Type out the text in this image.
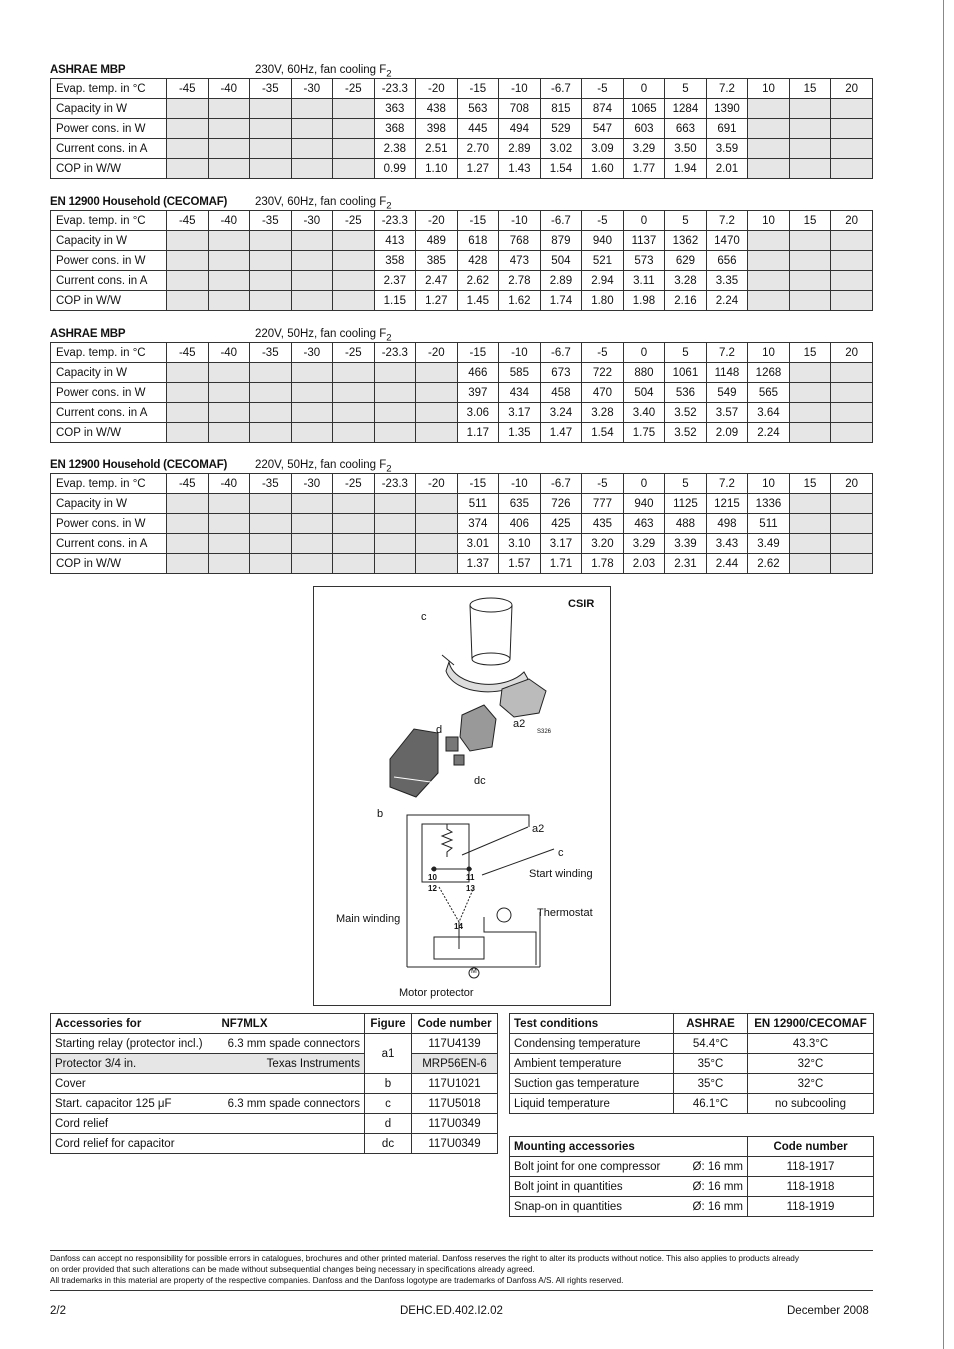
ASHRAE MBP	230V, 60Hz, fan cooling $F_2$
Evap. temp. in °C	-45	-40	-35	-30	-25	-23.3	-20	-15	-10	-6.7	-5	0	5	7.2	10	15	20
Capacity in W						363	438	563	708	815	874	1065	1284	1390			
Power cons. in W						368	398	445	494	529	547	603	663	691			
Current cons. in A						2.38	2.51	2.70	2.89	3.02	3.09	3.29	3.50	3.59			
COP in W/W						0.99	1.10	1.27	1.43	1.54	1.60	1.77	1.94	2.01			
EN 12900 Household (CECOMAF) 230V, 60Hz, fan cooling $F_2$
Evap. temp. in °C	-45	-40	-35	-30	-25	-23.3	-20	-15	-10	-6.7	-5	0	5	7.2	10	15	20
Capacity in W						413	489	618	768	879	940	1137	1362	1470			
Power cons. in W						358	385	428	473	504	521	573	629	656			
Current cons. in A						2.37	2.47	2.62	2.78	2.89	2.94	3.11	3.28	3.35			
COP in W/W						1.15	1.27	1.45	1.62	1.74	1.80	1.98	2.16	2.24			
ASHRAE MBP	220V, 50Hz, fan cooling $F_2$
Evap. temp. in °C	-45	-40	-35	-30	-25	-23.3	-20	-15	-10	-6.7	-5	0	5	7.2	10	15	20
Capacity in W								466	585	673	722	880	1061	1148	1268		
Power cons. in W								397	434	458	470	504	536	549	565		
Current cons. in A								3.06	3.17	3.24	3.28	3.40	3.52	3.57	3.64		
COP in W/W								1.17	1.35	1.47	1.54	1.75	3.52	2.09	2.24		
EN 12900 Household (CECOMAF) 220V, 50Hz, fan cooling $F_2$
Evap. temp. in °C	-45	-40	-35	-30	-25	-23.3	-20	-15	-10	-6.7	-5	0	5	7.2	10	15	20
Capacity in W								511	635	726	777	940	1125	1215	1336		
Power cons. in W								374	406	425	435	463	488	498	511		
Current cons. in A								3.01	3.10	3.17	3.20	3.29	3.39	3.43	3.49		
COP in W/W								1.37	1.57	1.71	1.78	2.03	2.31	2.44	2.62		
CSIR
c
a2
S326
d
dc
b
a2
c
Start winding
Thermostat
Main winding
Motor protector
10	11
12	13
14
M
Accessories for	NF7MLX	Figure	Code number
Starting relay (protector incl.)	6.3 mm spade connectors	a1	117U4139
Protector 3/4 in.	Texas Instruments		MRP56EN-6
Cover		b	117U1021
Start. capacitor 125 μF	6.3 mm spade connectors	c	117U5018
Cord relief		d	117U0349
Cord relief for capacitor		dc	117U0349
Test conditions	ASHRAE	EN 12900/CECOMAF
Condensing temperature	54.4°C	43.3°C
Ambient temperature	35°C	32°C
Suction gas temperature	35°C	32°C
Liquid temperature	46.1°C	no subcooling
Mounting accessories		Code number
Bolt joint for one compressor	Ø: 16 mm	118-1917
Bolt joint in quantities	Ø: 16 mm	118-1918
Snap-on in quantities	Ø: 16 mm	118-1919
Danfoss can accept no responsibility for possible errors in catalogues, brochures and other printed material. Danfoss reserves the right to alter its products without notice. This also applies to products already
on order provided that such alterations can be made without subsequential changes being necessary in specifications already agreed.
All trademarks in this material are property of the respective companies. Danfoss and the Danfoss logotype are trademarks of Danfoss A/S. All rights reserved.
2/2	DEHC.ED.402.I2.02	December 2008
